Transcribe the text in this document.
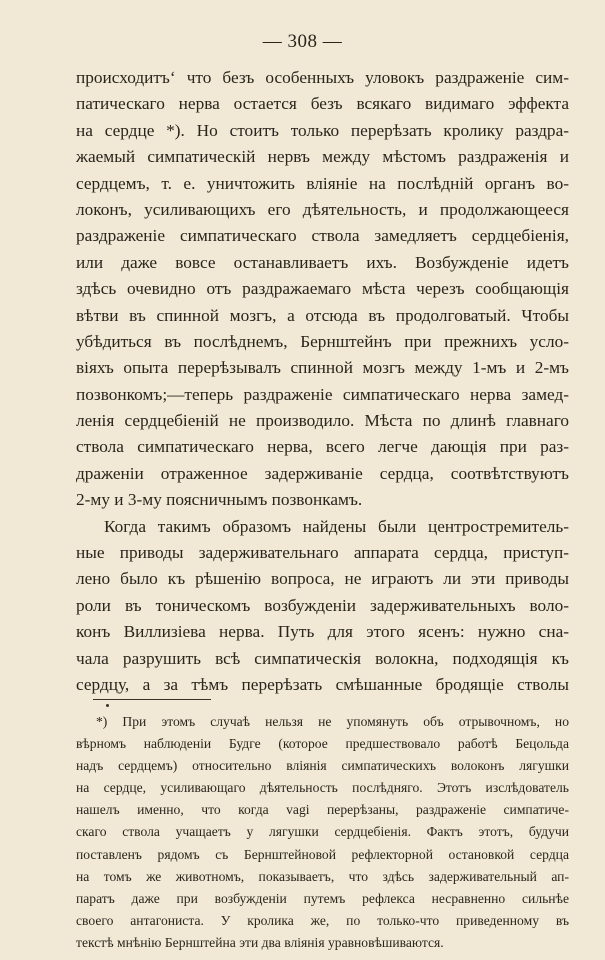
— 308 —
происходитъ‘ что безъ особенныхъ уловокъ раздраженіе сим-
патическаго нерва остается безъ всякаго видимаго эффекта
на сердце *). Но стоитъ только перерѣзать кролику раздра-
жаемый симпатическій нервъ между мѣстомъ раздраженія и
сердцемъ, т. е. уничтожить вліяніе на послѣдній органъ во-
локонъ, усиливающихъ его дѣятельность, и продолжающееся
раздраженіе симпатическаго ствола замедляетъ сердцебіенія,
или даже вовсе останавливаетъ ихъ. Возбужденіе идетъ
здѣсь очевидно отъ раздражаемаго мѣста черезъ сообщающія
вѣтви въ спинной мозгъ, а отсюда въ продолговатый. Чтобы
убѣдиться въ послѣднемъ, Бернштейнъ при прежнихъ усло-
віяхъ опыта перерѣзывалъ спинной мозгъ между 1-мъ и 2-мъ
позвонкомъ;—теперь раздраженіе симпатическаго нерва замед-
ленія сердцебіеній не производило. Мѣста по длинѣ главнаго
ствола симпатическаго нерва, всего легче дающія при раз-
драженіи отраженное задерживаніе сердца, соотвѣтствуютъ
2-му и 3-му поясничнымъ позвонкамъ.
Когда такимъ образомъ найдены были центростремитель-
ные приводы задерживательнаго аппарата сердца, приступ-
лено было къ рѣшенію вопроса, не играютъ ли эти приводы
роли въ тоническомъ возбужденіи задерживательныхъ воло-
конъ Виллизіева нерва. Путь для этого ясенъ: нужно сна-
чала разрушить всѣ симпатическія волокна, подходящія къ
сердцу, а за тѣмъ перерѣзать смѣшанные бродящіе стволы
*) При этомъ случаѣ нельзя не упомянуть объ отрывочномъ, но
вѣрномъ наблюденіи Будге (которое предшествовало работѣ Бецольда
надъ сердцемъ) относительно вліянія симпатическихъ волоконъ лягушки
на сердце, усиливающаго дѣятельность послѣдняго. Этотъ изслѣдователь
нашелъ именно, что когда vagi перерѣзаны, раздраженіе симпатиче-
скаго ствола учащаетъ у лягушки сердцебіенія. Фактъ этотъ, будучи
поставленъ рядомъ съ Бернштейновой рефлекторной остановкой сердца
на томъ же животномъ, показываетъ, что здѣсь задерживательный ап-
паратъ даже при возбужденіи путемъ рефлекса несравненно сильнѣе
своего антагониста. У кролика же, по только-что приведенному въ
текстѣ мнѣнію Бернштейна эти два вліянія уравновѣшиваются.
